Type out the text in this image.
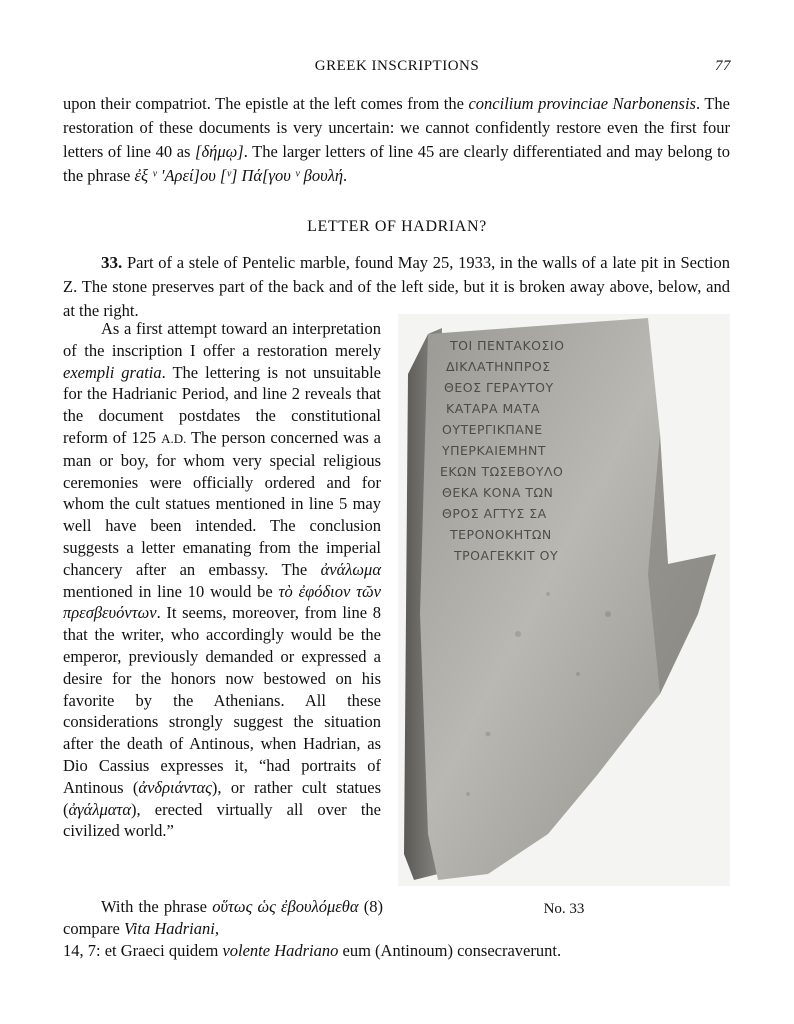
GREEK INSCRIPTIONS	77

upon their compatriot. The epistle at the left comes from the concilium provinciae Narbonensis. The restoration of these documents is very uncertain: we cannot confidently restore even the first four letters of line 40 as [δήμῳ]. The larger letters of line 45 are clearly differentiated and may belong to the phrase ἐξ ᵛ 'Αρεί]ου [ᵛ] Πά[γου ᵛ βουλή.

LETTER OF HADRIAN?

33. Part of a stele of Pentelic marble, found May 25, 1933, in the walls of a late pit in Section Z. The stone preserves part of the back and of the left side, but it is broken away above, below, and at the right.

As a first attempt toward an interpretation of the inscription I offer a restoration merely exempli gratia. The lettering is not unsuitable for the Hadrianic Period, and line 2 reveals that the document postdates the constitutional reform of 125 A.D. The person concerned was a man or boy, for whom very special religious ceremonies were officially ordered and for whom the cult statues mentioned in line 5 may well have been intended. The conclusion suggests a letter emanating from the imperial chancery after an embassy. The ἀνάλωμα mentioned in line 10 would be τὸ ἐφόδιον τῶν πρεσβευόντων. It seems, moreover, from line 8 that the writer, who accordingly would be the emperor, previously demanded or expressed a desire for the honors now bestowed on his favorite by the Athenians. All these considerations strongly suggest the situation after the death of Antinous, when Hadrian, as Dio Cassius expresses it, “had portraits of Antinous (ἀνδριάντας), or rather cult statues (ἀγάλματα), erected virtually all over the civilized world.”

With the phrase οὕτως ὡς ἐβουλόμεθα (8) compare Vita Hadriani,

14, 7: et Graeci quidem volente Hadriano eum (Antinoum) consecraverunt.
ΤΟΙ ΠΕΝΤΑΚΟΣΙΟ
ΔΙΚΛΑΤΗΝΠΡΟΣ
ΘΕΟΣ ΓΕΡΑΥΤΟΥ
ΚΑΤΑΡΑ ΜΑΤΑ
ΟΥΤΕΡΓΙΚΠΑΝΕ
ΥΠΕΡΚΑΙΕΜΗΝΤ
ΕΚΩΝ ΤΩΣΕΒΟΥΛΟ
ΘΕΚΑ ΚΟΝΑ ΤΩΝ
ΘΡΟΣ ΑΓΤΥΣ ΣΑ
ΤΕΡΟΝΟΚΗΤΩΝ
ΤΡΟΑΓΕΚΚΙΤ ΟΥ
No. 33
